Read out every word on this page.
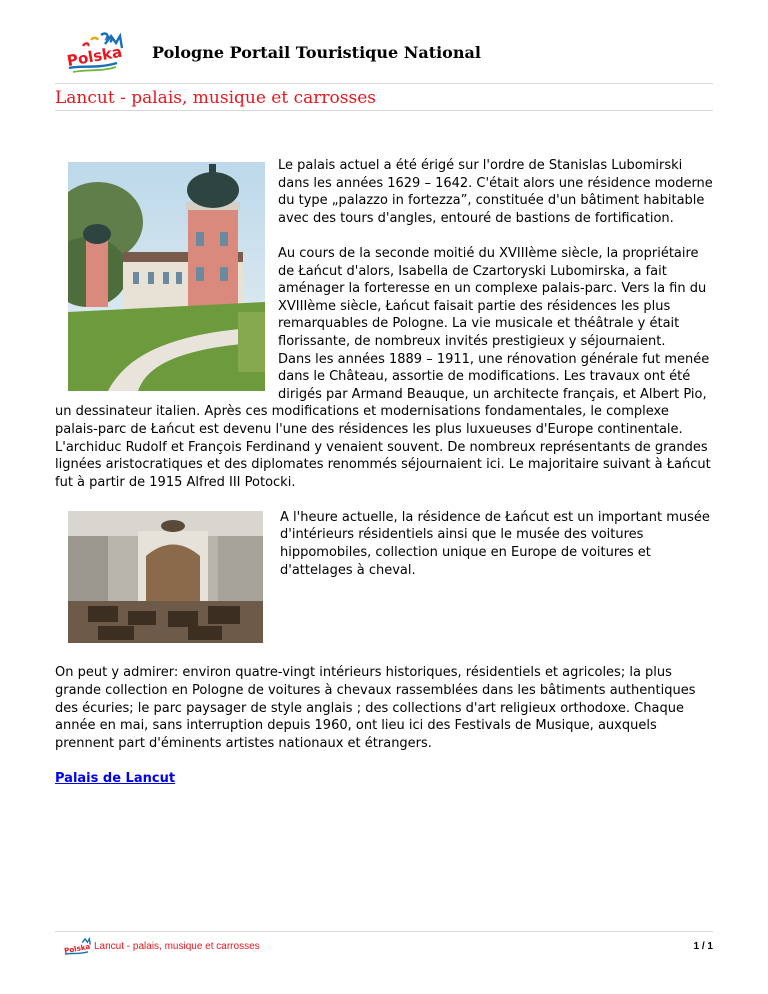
Polska Pologne Portail Touristique National
Lancut - palais, musique et carrosses

Le palais actuel a été érigé sur l'ordre de Stanislas Lubomirski dans les années 1629 – 1642. C'était alors une résidence moderne du type „palazzo in fortezza”, constituée d'un bâtiment habitable avec des tours d'angles, entouré de bastions de fortification.

Au cours de la seconde moitié du XVIIIème siècle, la propriétaire de Łańcut d'alors, Isabella de Czartoryski Lubomirska, a fait aménager la forteresse en un complexe palais-parc. Vers la fin du XVIIIème siècle, Łańcut faisait partie des résidences les plus remarquables de Pologne. La vie musicale et théâtrale y était florissante, de nombreux invités prestigieux y séjournaient.

Dans les années 1889 – 1911, une rénovation générale fut menée dans le Château, assortie de modifications. Les travaux ont été dirigés par Armand Beauque, un architecte français, et Albert Pio, un dessinateur italien. Après ces modifications et modernisations fondamentales, le complexe palais-parc de Łańcut est devenu l'une des résidences les plus luxueuses d'Europe continentale. L'archiduc Rudolf et François Ferdinand y venaient souvent. De nombreux représentants de grandes lignées aristocratiques et des diplomates renommés séjournaient ici. Le majoritaire suivant à Łańcut fut à partir de 1915 Alfred III Potocki.

A l'heure actuelle, la résidence de Łańcut est un important musée d'intérieurs résidentiels ainsi que le musée des voitures hippomobiles, collection unique en Europe de voitures et d'attelages à cheval.

On peut y admirer: environ quatre-vingt intérieurs historiques, résidentiels et agricoles; la plus grande collection en Pologne de voitures à chevaux rassemblées dans les bâtiments authentiques des écuries; le parc paysager de style anglais ; des collections d'art religieux orthodoxe. Chaque année en mai, sans interruption depuis 1960, ont lieu ici des Festivals de Musique, auxquels prennent part d'éminents artistes nationaux et étrangers.

Palais de Lancut

Polska Lancut - palais, musique et carrosses	1 / 1
